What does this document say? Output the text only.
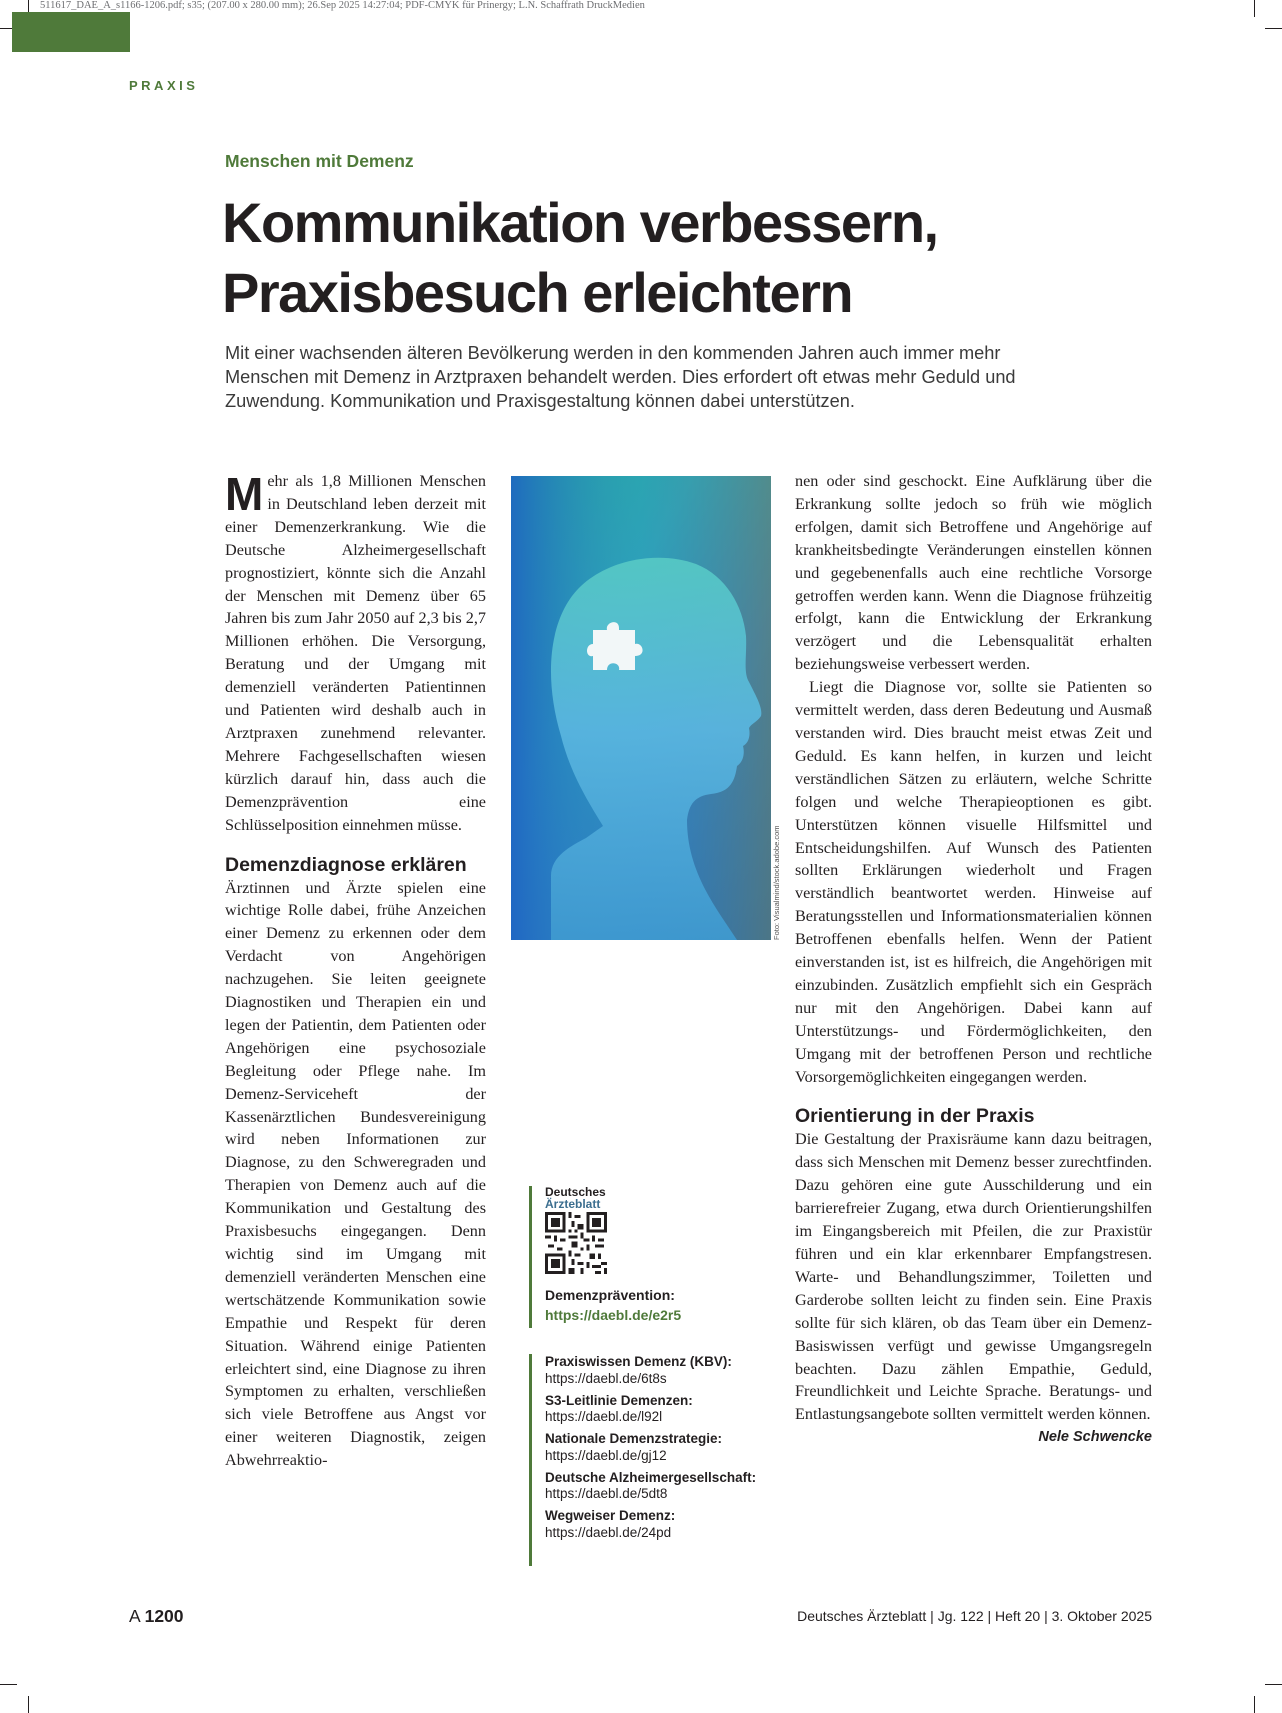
511617_DAE_A_s1166-1206.pdf; s35; (207.00 x 280.00 mm); 26.Sep 2025 14:27:04; PDF-CMYK für Prinergy; L.N. Schaffrath DruckMedien
PRAXIS
Menschen mit Demenz
Kommunikation verbessern,
Praxisbesuch erleichtern

Mit einer wachsenden älteren Bevölkerung werden in den kommenden Jahren auch immer mehr Menschen mit Demenz in Arztpraxen behandelt werden. Dies erfordert oft etwas mehr Geduld und Zuwendung. Kommunikation und Praxisgestaltung können dabei unterstützen.

Mehr als 1,8 Millionen Menschen in Deutschland leben derzeit mit einer Demenzerkrankung. Wie die Deutsche Alzheimergesellschaft prognostiziert, könnte sich die Anzahl der Menschen mit Demenz über 65 Jahren bis zum Jahr 2050 auf 2,3 bis 2,7 Millionen erhöhen. Die Versorgung, Beratung und der Umgang mit demenziell veränderten Patientinnen und Patienten wird deshalb auch in Arztpraxen zunehmend relevanter. Mehrere Fachgesellschaften wiesen kürzlich darauf hin, dass auch die Demenzprävention eine Schlüsselposition einnehmen müsse.

Demenzdiagnose erklären

Ärztinnen und Ärzte spielen eine wichtige Rolle dabei, frühe Anzeichen einer Demenz zu erkennen oder dem Verdacht von Angehörigen nachzugehen. Sie leiten geeignete Diagnostiken und Therapien ein und legen der Patientin, dem Patienten oder Angehörigen eine psychosoziale Begleitung oder Pflege nahe. Im Demenz-Serviceheft der Kassenärztlichen Bundesvereinigung wird neben Informationen zur Diagnose, zu den Schweregraden und Therapien von Demenz auch auf die Kommunikation und Gestaltung des Praxisbesuchs eingegangen. Denn wichtig sind im Umgang mit demenziell veränderten Menschen eine wertschätzende Kommunikation sowie Empathie und Respekt für deren Situation. Während einige Patienten erleichtert sind, eine Diagnose zu ihren Symptomen zu erhalten, verschließen sich viele Betroffene aus Angst vor einer weiteren Diagnostik, zeigen Abwehrreaktio-

Foto: Visualmind/stock.adobe.com
Deutsches
Ärzteblatt
Demenzprävention:
https://daebl.de/e2r5
Praxiswissen Demenz (KBV):
https://daebl.de/6t8s
S3-Leitlinie Demenzen:
https://daebl.de/l92l
Nationale Demenzstrategie:
https://daebl.de/gj12
Deutsche Alzheimergesellschaft:
https://daebl.de/5dt8
Wegweiser Demenz:
https://daebl.de/24pd

nen oder sind geschockt. Eine Aufklärung über die Erkrankung sollte jedoch so früh wie möglich erfolgen, damit sich Betroffene und Angehörige auf krankheitsbedingte Veränderungen einstellen können und gegebenenfalls auch eine rechtliche Vorsorge getroffen werden kann. Wenn die Diagnose frühzeitig erfolgt, kann die Entwicklung der Erkrankung verzögert und die Lebensqualität erhalten beziehungsweise verbessert werden.

Liegt die Diagnose vor, sollte sie Patienten so vermittelt werden, dass deren Bedeutung und Ausmaß verstanden wird. Dies braucht meist etwas Zeit und Geduld. Es kann helfen, in kurzen und leicht verständlichen Sätzen zu erläutern, welche Schritte folgen und welche Therapieoptionen es gibt. Unterstützen können visuelle Hilfsmittel und Entscheidungshilfen. Auf Wunsch des Patienten sollten Erklärungen wiederholt und Fragen verständlich beantwortet werden. Hinweise auf Beratungsstellen und Informationsmaterialien können Betroffenen ebenfalls helfen. Wenn der Patient einverstanden ist, ist es hilfreich, die Angehörigen mit einzubinden. Zusätzlich empfiehlt sich ein Gespräch nur mit den Angehörigen. Dabei kann auf Unterstützungs- und Fördermöglichkeiten, den Umgang mit der betroffenen Person und rechtliche Vorsorgemöglichkeiten eingegangen werden.

Orientierung in der Praxis

Die Gestaltung der Praxisräume kann dazu beitragen, dass sich Menschen mit Demenz besser zurechtfinden. Dazu gehören eine gute Ausschilderung und ein barrierefreier Zugang, etwa durch Orientierungshilfen im Eingangsbereich mit Pfeilen, die zur Praxistür führen und ein klar erkennbarer Empfangstresen. Warte- und Behandlungszimmer, Toiletten und Garderobe sollten leicht zu finden sein. Eine Praxis sollte für sich klären, ob das Team über ein Demenz-Basiswissen verfügt und gewisse Umgangsregeln beachten. Dazu zählen Empathie, Geduld, Freundlichkeit und Leichte Sprache. Beratungs- und Entlastungsangebote sollten vermittelt werden können.
Nele Schwencke

A 1200	Deutsches Ärzteblatt | Jg. 122 | Heft 20 | 3. Oktober 2025
